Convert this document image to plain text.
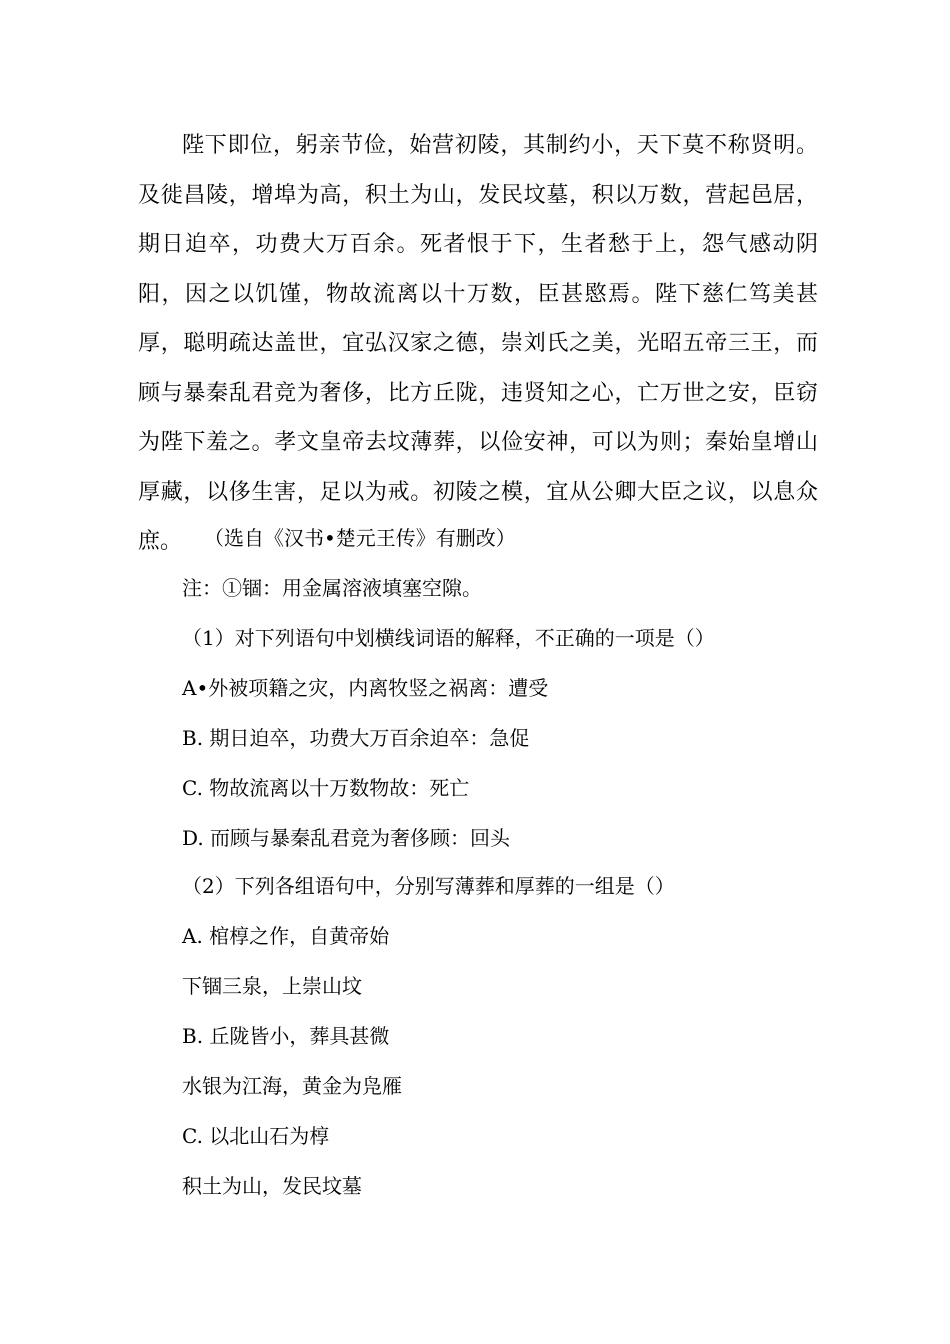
陛下即位，躬亲节俭，始营初陵，其制约小，天下莫不称贤明。及徙昌陵，增埠为高，积土为山，发民坟墓，积以万数，营起邑居，期日迫卒，功费大万百余。死者恨于下，生者愁于上，怨气感动阴阳，因之以饥馑，物故流离以十万数，臣甚愍焉。陛下慈仁笃美甚厚，聪明疏达盖世，宜弘汉家之德，崇刘氏之美，光昭五帝三王，而顾与暴秦乱君竞为奢侈，比方丘陇，违贤知之心，亡万世之安，臣窃为陛下羞之。孝文皇帝去坟薄葬，以俭安神，可以为则；秦始皇增山厚藏，以侈生害，足以为戒。初陵之模，宜从公卿大臣之议，以息众庶。	（选自《汉书•楚元王传》有删改）

注：①锢：用金属溶液填塞空隙。

（1）对下列语句中划横线词语的解释，不正确的一项是（）

A•外被项籍之灾，内离牧竖之祸离：遭受

B. 期日迫卒，功费大万百余迫卒：急促

C. 物故流离以十万数物故：死亡

D. 而顾与暴秦乱君竞为奢侈顾：回头

（2）下列各组语句中，分别写薄葬和厚葬的一组是（）

A. 棺椁之作，自黄帝始

下锢三泉，上崇山坟

B. 丘陇皆小，葬具甚微

水银为江海，黄金为凫雁

C. 以北山石为椁

积土为山，发民坟墓
